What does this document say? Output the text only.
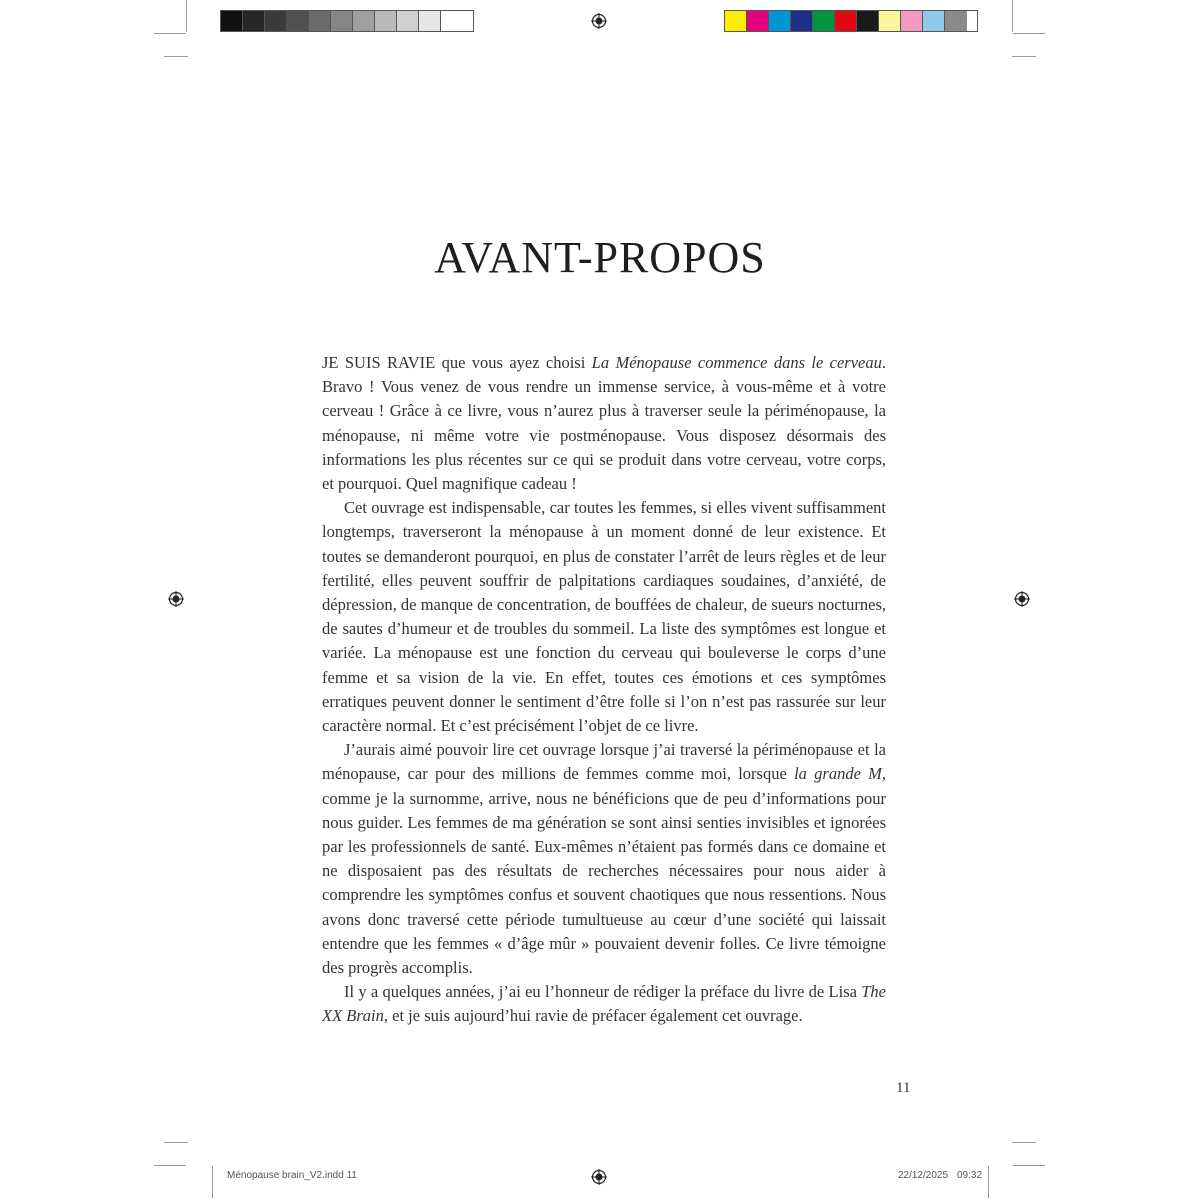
AVANT-PROPOS

JE SUIS RAVIE que vous ayez choisi La Ménopause commence dans le cerveau. Bravo ! Vous venez de vous rendre un immense service, à vous-même et à votre cerveau ! Grâce à ce livre, vous n’aurez plus à traverser seule la périménopause, la ménopause, ni même votre vie postménopause. Vous disposez désormais des informations les plus récentes sur ce qui se produit dans votre cerveau, votre corps, et pourquoi. Quel magnifique cadeau !

Cet ouvrage est indispensable, car toutes les femmes, si elles vivent suffisamment longtemps, traverseront la ménopause à un moment donné de leur existence. Et toutes se demanderont pourquoi, en plus de constater l’arrêt de leurs règles et de leur fertilité, elles peuvent souffrir de palpitations cardiaques soudaines, d’anxiété, de dépression, de manque de concentration, de bouffées de chaleur, de sueurs nocturnes, de sautes d’humeur et de troubles du sommeil. La liste des symptômes est longue et variée. La ménopause est une fonction du cerveau qui bouleverse le corps d’une femme et sa vision de la vie. En effet, toutes ces émotions et ces symptômes erratiques peuvent donner le sentiment d’être folle si l’on n’est pas rassurée sur leur caractère normal. Et c’est précisément l’objet de ce livre.

J’aurais aimé pouvoir lire cet ouvrage lorsque j’ai traversé la périménopause et la ménopause, car pour des millions de femmes comme moi, lorsque la grande M, comme je la surnomme, arrive, nous ne bénéficions que de peu d’informations pour nous guider. Les femmes de ma génération se sont ainsi senties invisibles et ignorées par les professionnels de santé. Eux-mêmes n’étaient pas formés dans ce domaine et ne disposaient pas des résultats de recherches nécessaires pour nous aider à comprendre les symptômes confus et souvent chaotiques que nous ressentions. Nous avons donc traversé cette période tumultueuse au cœur d’une société qui laissait entendre que les femmes « d’âge mûr » pouvaient devenir folles. Ce livre témoigne des progrès accomplis.

Il y a quelques années, j’ai eu l’honneur de rédiger la préface du livre de Lisa The XX Brain, et je suis aujourd’hui ravie de préfacer également cet ouvrage.

11
Ménopause brain_V2.indd 11	22/12/2025 09:32
